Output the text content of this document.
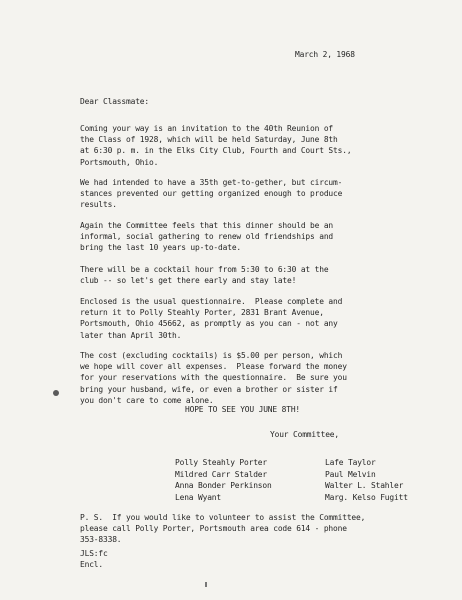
March 2, 1968

Dear Classmate:

Coming your way is an invitation to the 40th Reunion of
the Class of 1928, which will be held Saturday, June 8th
at 6:30 p. m. in the Elks City Club, Fourth and Court Sts.,
Portsmouth, Ohio.

We had intended to have a 35th get-to-gether, but circum-
stances prevented our getting organized enough to produce
results.

Again the Committee feels that this dinner should be an
informal, social gathering to renew old friendships and
bring the last 10 years up-to-date.

There will be a cocktail hour from 5:30 to 6:30 at the
club -- so let's get there early and stay late!

Enclosed is the usual questionnaire.  Please complete and
return it to Polly Steahly Porter, 2831 Brant Avenue,
Portsmouth, Ohio 45662, as promptly as you can - not any
later than April 30th.

The cost (excluding cocktails) is $5.00 per person, which
we hope will cover all expenses.  Please forward the money
for your reservations with the questionnaire.  Be sure you
bring your husband, wife, or even a brother or sister if
you don't care to come alone.

HOPE TO SEE YOU JUNE 8TH!

Your Committee,

Polly Steahly Porter
Mildred Carr Stalder
Anna Bonder Perkinson
Lena Wyant

Lafe Taylor
Paul Melvin
Walter L. Stahler
Marg. Kelso Fugitt

P. S.  If you would like to volunteer to assist the Committee,
please call Polly Porter, Portsmouth area code 614 - phone
353-8338.

JLS:fc
Encl.
